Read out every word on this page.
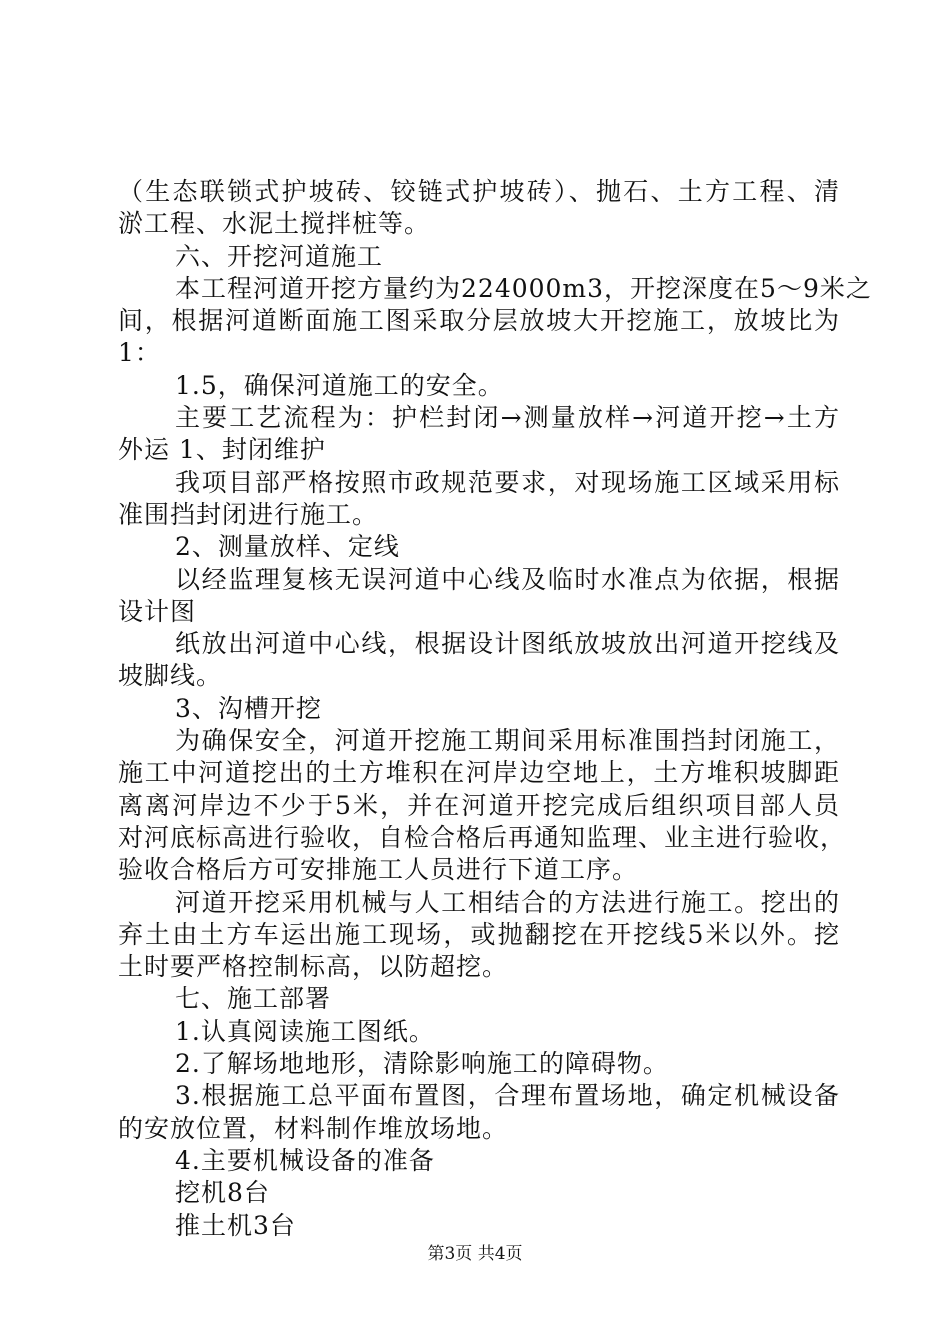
（生态联锁式护坡砖、铰链式护坡砖）、抛石、土方工程、清
淤工程、水泥土搅拌桩等。
六、开挖河道施工
本工程河道开挖方量约为224000m3，开挖深度在5～9米之
间，根据河道断面施工图采取分层放坡大开挖施工，放坡比为
1：
1.5，确保河道施工的安全。
主要工艺流程为：护栏封闭→测量放样→河道开挖→土方
外运 1、封闭维护
我项目部严格按照市政规范要求，对现场施工区域采用标
准围挡封闭进行施工。
2、测量放样、定线
以经监理复核无误河道中心线及临时水准点为依据，根据
设计图
纸放出河道中心线，根据设计图纸放坡放出河道开挖线及
坡脚线。
3、沟槽开挖
为确保安全，河道开挖施工期间采用标准围挡封闭施工，
施工中河道挖出的土方堆积在河岸边空地上，土方堆积坡脚距
离离河岸边不少于5米，并在河道开挖完成后组织项目部人员
对河底标高进行验收，自检合格后再通知监理、业主进行验收，
验收合格后方可安排施工人员进行下道工序。
河道开挖采用机械与人工相结合的方法进行施工。挖出的
弃土由土方车运出施工现场，或抛翻挖在开挖线5米以外。挖
土时要严格控制标高，以防超挖。
七、施工部署
1.认真阅读施工图纸。
2.了解场地地形，清除影响施工的障碍物。
3.根据施工总平面布置图，合理布置场地，确定机械设备
的安放位置，材料制作堆放场地。
4.主要机械设备的准备
挖机8台
推土机3台
第3页 共4页
